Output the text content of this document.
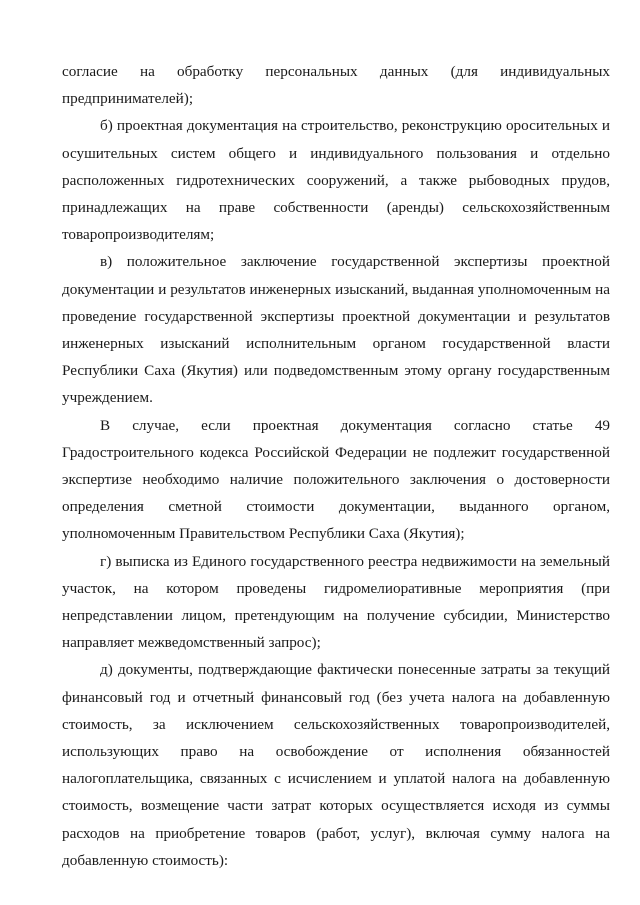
согласие на обработку персональных данных (для индивидуальных предпринимателей);

б) проектная документация на строительство, реконструкцию оросительных и осушительных систем общего и индивидуального пользования и отдельно расположенных гидротехнических сооружений, а также рыбоводных прудов, принадлежащих на праве собственности (аренды) сельскохозяйственным товаропроизводителям;

в) положительное заключение государственной экспертизы проектной документации и результатов инженерных изысканий, выданная уполномоченным на проведение государственной экспертизы проектной документации и результатов инженерных изысканий исполнительным органом государственной власти Республики Саха (Якутия) или подведомственным этому органу государственным учреждением.

В случае, если проектная документация согласно статье 49 Градостроительного кодекса Российской Федерации не подлежит государственной экспертизе необходимо наличие положительного заключения о достоверности определения сметной стоимости документации, выданного органом, уполномоченным Правительством Республики Саха (Якутия);

г) выписка из Единого государственного реестра недвижимости на земельный участок, на котором проведены гидромелиоративные мероприятия (при непредставлении лицом, претендующим на получение субсидии, Министерство направляет межведомственный запрос);

д) документы, подтверждающие фактически понесенные затраты за текущий финансовый год и отчетный финансовый год (без учета налога на добавленную стоимость, за исключением сельскохозяйственных товаропроизводителей, использующих право на освобождение от исполнения обязанностей налогоплательщика, связанных с исчислением и уплатой налога на добавленную стоимость, возмещение части затрат которых осуществляется исходя из суммы расходов на приобретение товаров (работ, услуг), включая сумму налога на добавленную стоимость):
